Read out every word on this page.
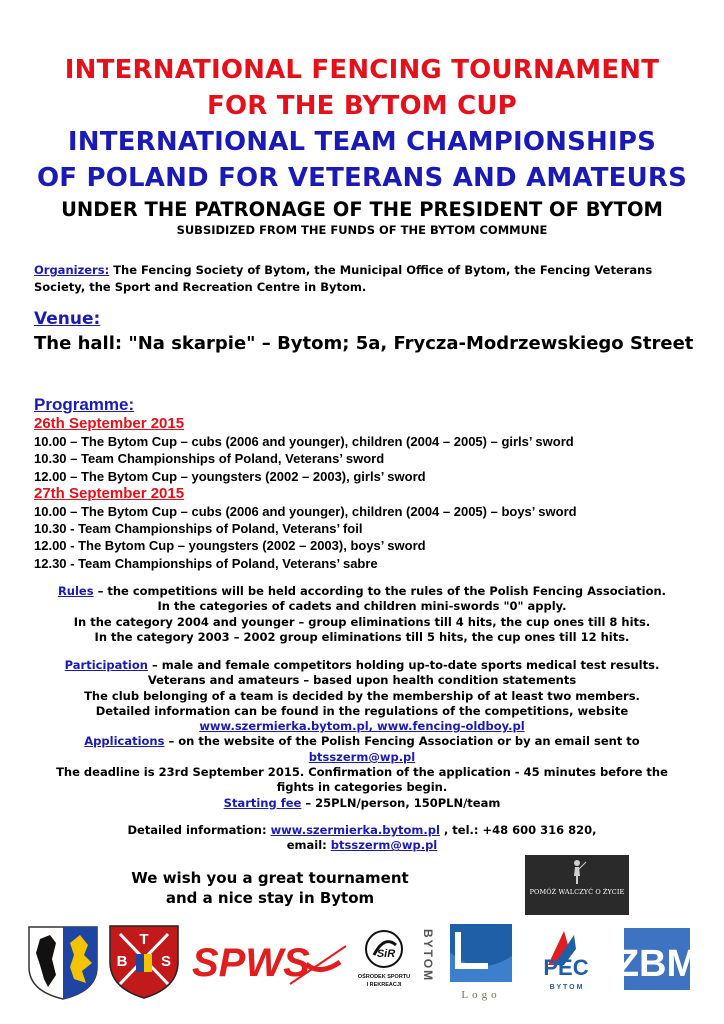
INTERNATIONAL FENCING TOURNAMENT
FOR THE BYTOM CUP
INTERNATIONAL TEAM CHAMPIONSHIPS
OF POLAND FOR VETERANS AND AMATEURS
UNDER THE PATRONAGE OF THE PRESIDENT OF BYTOM
SUBSIDIZED FROM THE FUNDS OF THE BYTOM COMMUNE
Organizers: The Fencing Society of Bytom, the Municipal Office of Bytom, the Fencing Veterans Society, the Sport and Recreation Centre in Bytom.
Venue:
The hall: "Na skarpie" – Bytom; 5a, Frycza-Modrzewskiego Street
Programme:
26th September 2015
10.00 – The Bytom Cup – cubs (2006 and younger), children (2004 – 2005) – girls’ sword
10.30 – Team Championships of Poland, Veterans’ sword
12.00 – The Bytom Cup – youngsters (2002 – 2003), girls’ sword
27th September 2015
10.00 – The Bytom Cup – cubs (2006 and younger), children (2004 – 2005) – boys’ sword
10.30 - Team Championships of Poland, Veterans’ foil
12.00 - The Bytom Cup – youngsters (2002 – 2003), boys’ sword
12.30 - Team Championships of Poland, Veterans’ sabre
Rules – the competitions will be held according to the rules of the Polish Fencing Association.
In the categories of cadets and children mini-swords "0" apply.
In the category 2004 and younger – group eliminations till 4 hits, the cup ones till 8 hits.
In the category 2003 – 2002 group eliminations till 5 hits, the cup ones till 12 hits.
Participation – male and female competitors holding up-to-date sports medical test results.
Veterans and amateurs – based upon health condition statements
The club belonging of a team is decided by the membership of at least two members.
Detailed information can be found in the regulations of the competitions, website
www.szermierka.bytom.pl, www.fencing-oldboy.pl
Applications – on the website of the Polish Fencing Association or by an email sent to
btsszerm@wp.pl
The deadline is 23rd September 2015. Confirmation of the application - 45 minutes before the fights in categories begin.
Starting fee – 25PLN/person, 150PLN/team
Detailed information: www.szermierka.bytom.pl , tel.: +48 600 316 820,
email: btsszerm@wp.pl
We wish you a great tournament
and a nice stay in Bytom	POMÓŻ WALCZYĆ O ŻYCIE

T
B S SPWS	SiR
OŚRODEK SPORTU
I REKREACJI
BYTOM
Logo
PEC
B Y T O M
ZBM
